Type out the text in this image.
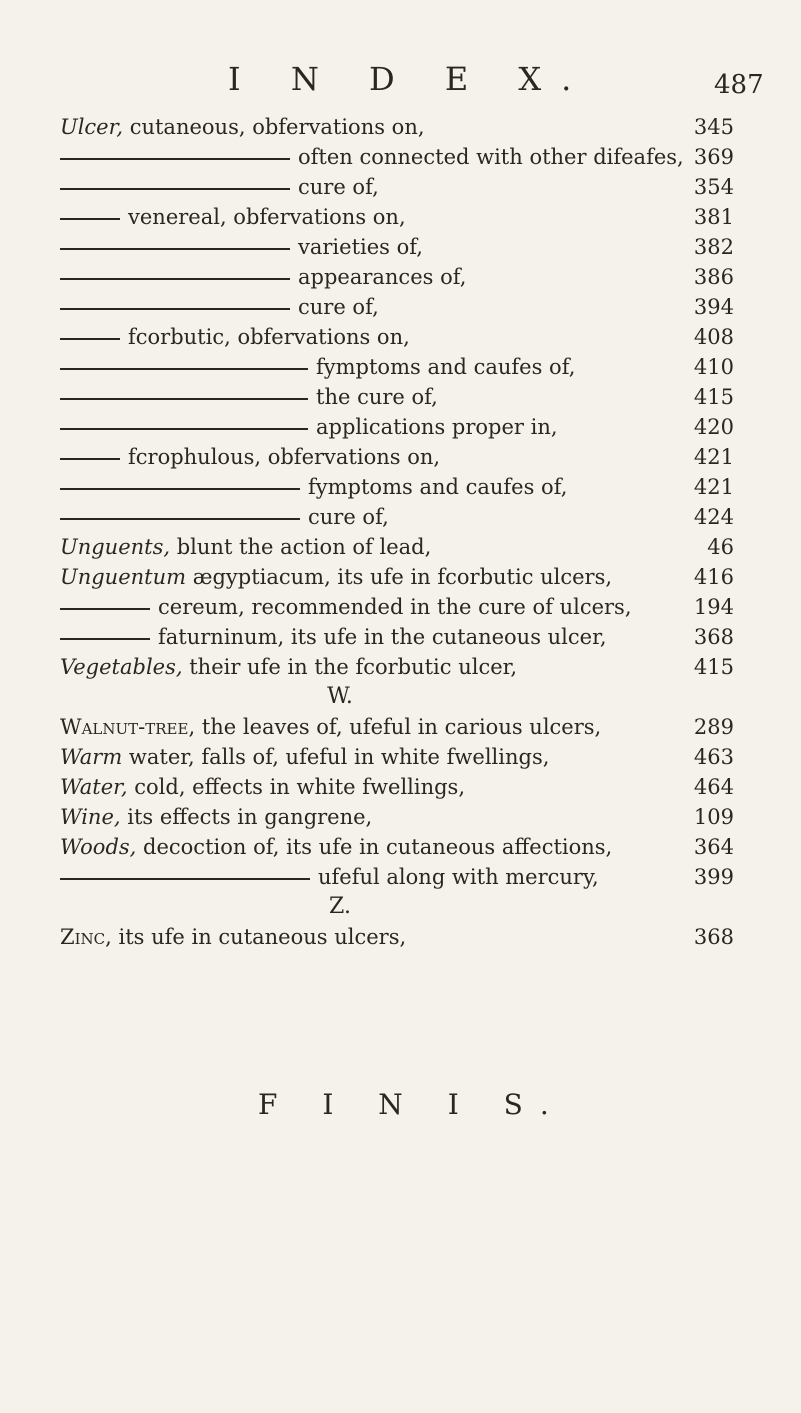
I N D E X.	487
Ulcer, cutaneous, obfervations on,	345
often connected with other difeafes, 369
cure of,	354
venereal, obfervations on,	381
varieties of,	382
appearances of,	386
cure of,	394
fcorbutic, obfervations on,	408
fymptoms and caufes of,	410
the cure of,	415
applications proper in,	420
fcrophulous, obfervations on,	421
fymptoms and caufes of,	421
cure of,	424
Unguents, blunt the action of lead,	46
Unguentum ægyptiacum, its ufe in fcorbutic ulcers,	416
cereum, recommended in the cure of ulcers,	194
faturninum, its ufe in the cutaneous ulcer,	368
Vegetables, their ufe in the fcorbutic ulcer,	415
W.
Walnut-tree, the leaves of, ufeful in carious ulcers,	289
Warm water, falls of, ufeful in white fwellings,	463
Water, cold, effects in white fwellings,	464
Wine, its effects in gangrene,	109
Woods, decoction of, its ufe in cutaneous affections,	364
ufeful along with mercury,	399
Z.
Zinc, its ufe in cutaneous ulcers,	368
F I N I S.
